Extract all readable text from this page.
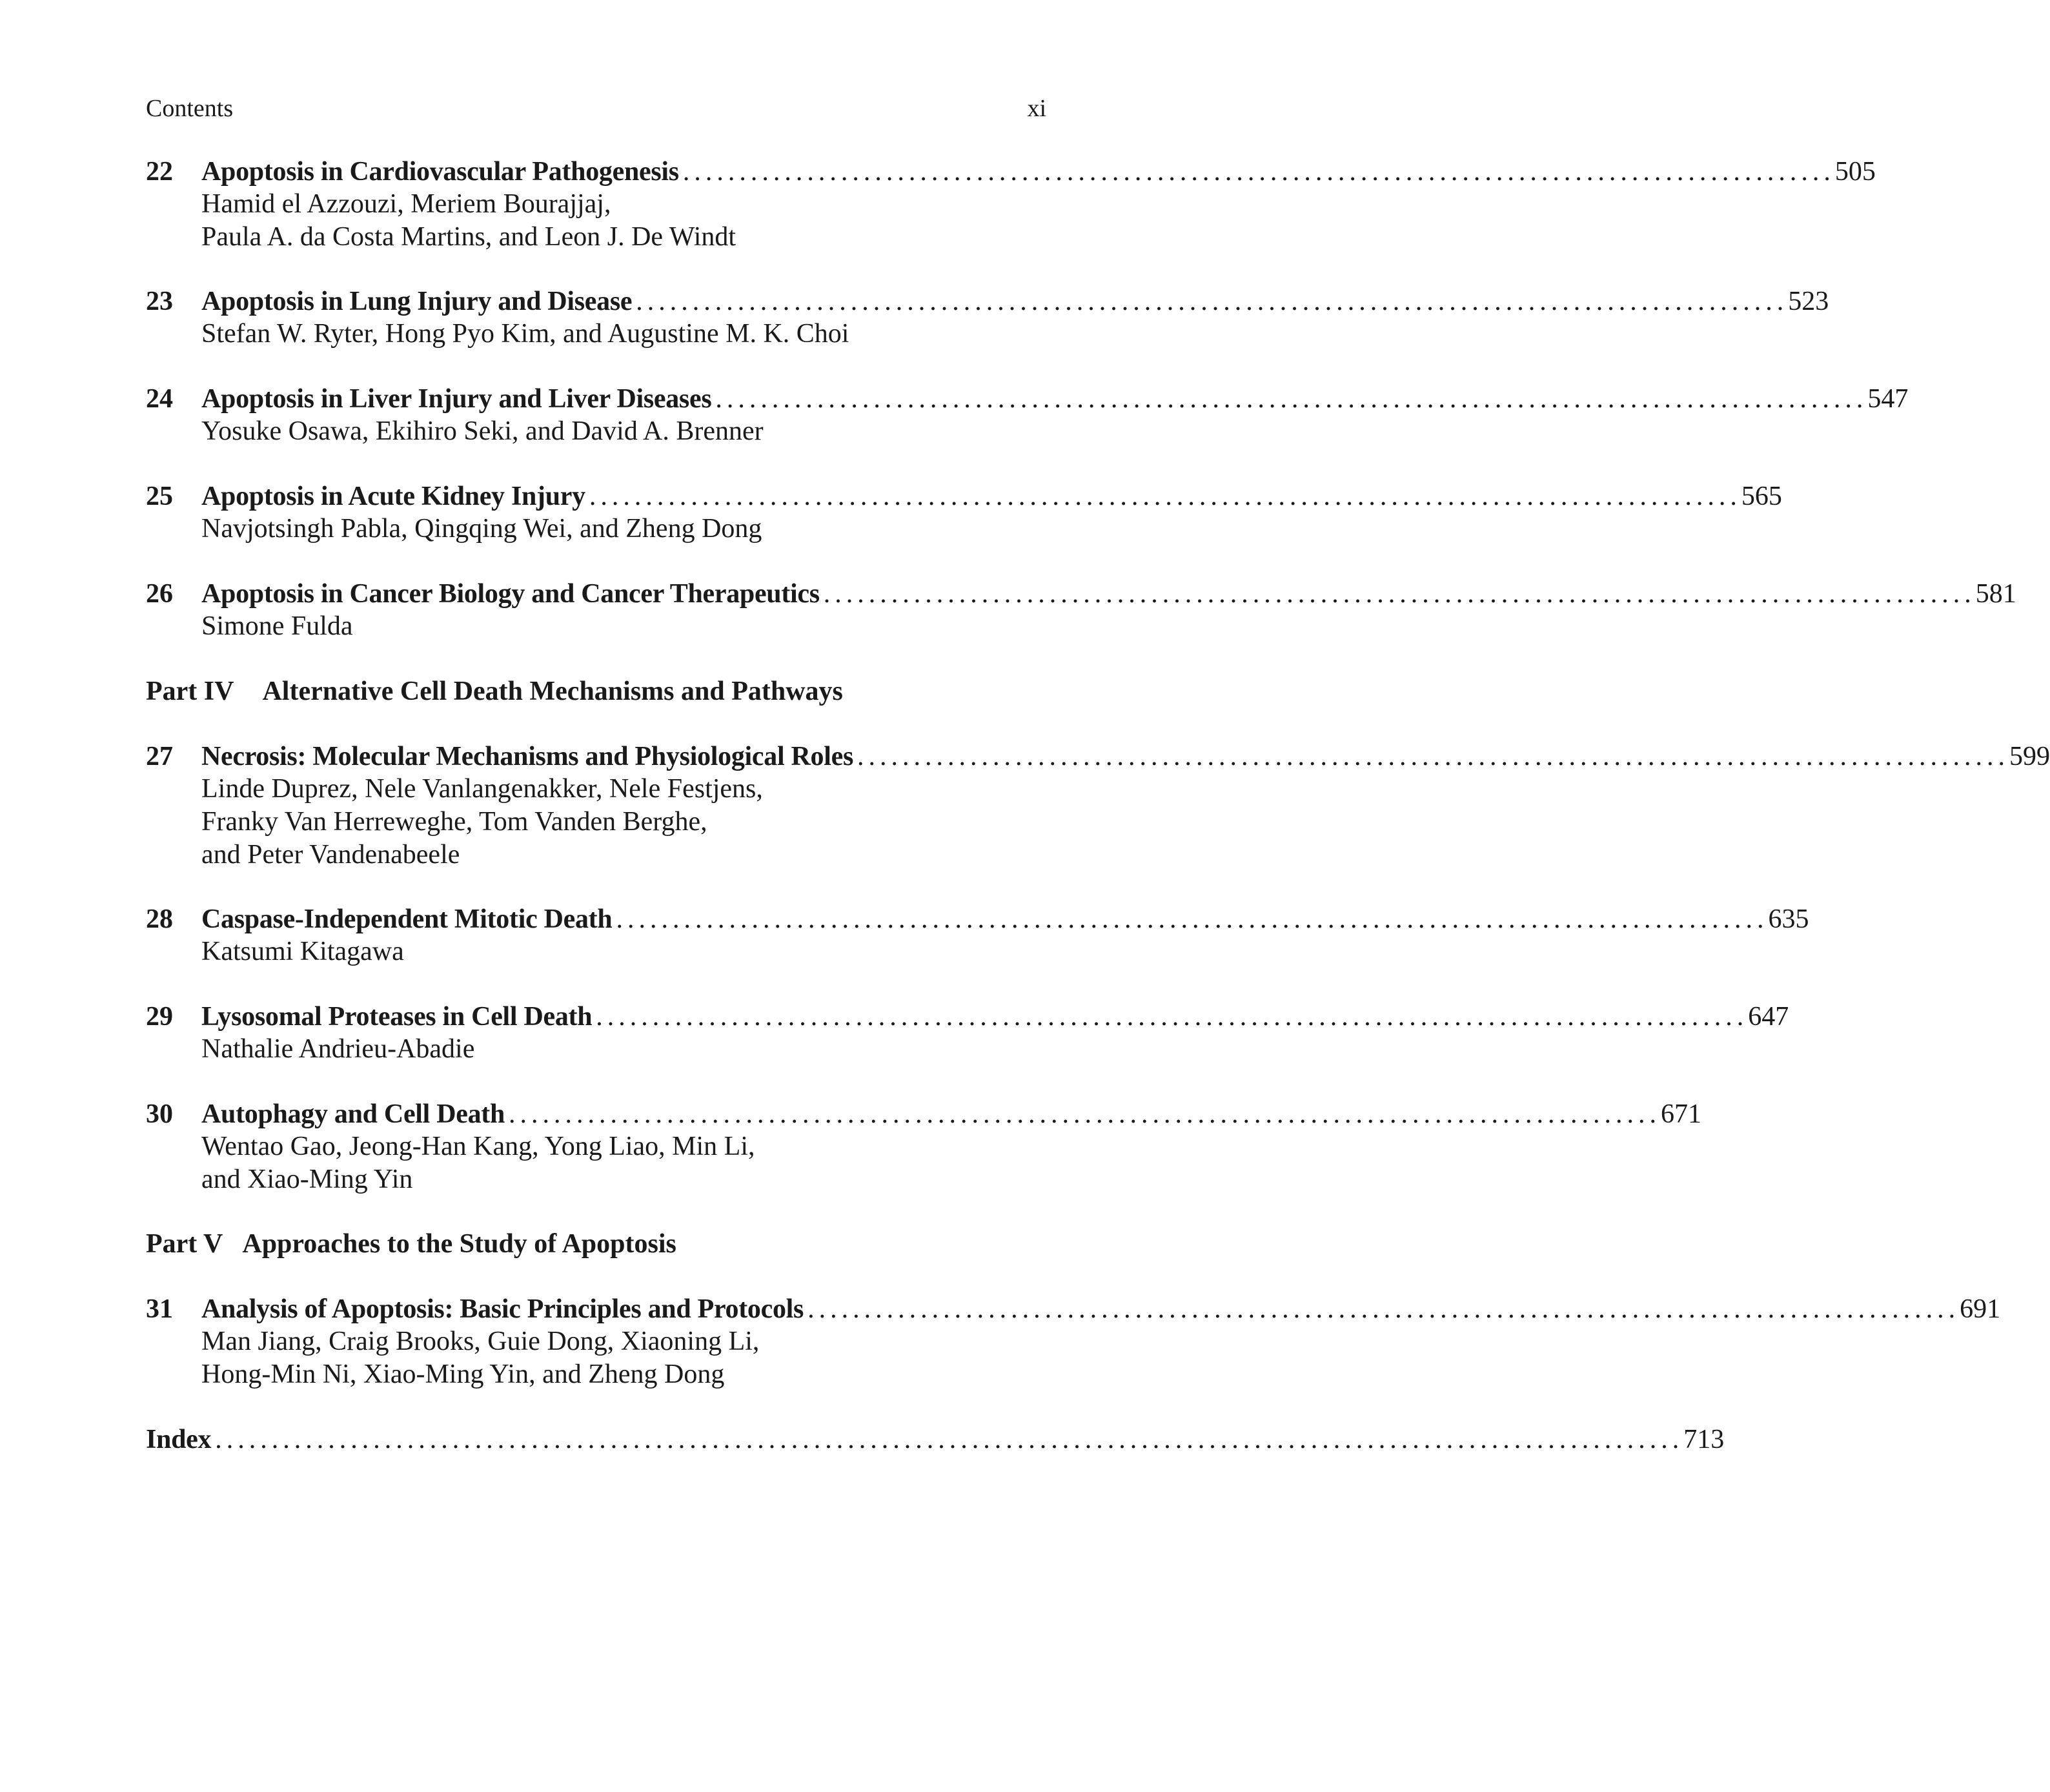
Contents	xi
22 Apoptosis in Cardiovascular Pathogenesis ...................................................................................................... 505
Hamid el Azzouzi, Meriem Bourajjaj,
Paula A. da Costa Martins, and Leon J. De Windt
23 Apoptosis in Lung Injury and Disease ...................................................................................................... 523
Stefan W. Ryter, Hong Pyo Kim, and Augustine M. K. Choi
24 Apoptosis in Liver Injury and Liver Diseases ...................................................................................................... 547
Yosuke Osawa, Ekihiro Seki, and David A. Brenner
25 Apoptosis in Acute Kidney Injury ...................................................................................................... 565
Navjotsingh Pabla, Qingqing Wei, and Zheng Dong
26 Apoptosis in Cancer Biology and Cancer Therapeutics ...................................................................................................... 581
Simone Fulda
Part IV Alternative Cell Death Mechanisms and Pathways
27 Necrosis: Molecular Mechanisms and Physiological Roles ...................................................................................................... 599
Linde Duprez, Nele Vanlangenakker, Nele Festjens,
Franky Van Herreweghe, Tom Vanden Berghe,
and Peter Vandenabeele
28 Caspase-Independent Mitotic Death ...................................................................................................... 635
Katsumi Kitagawa
29 Lysosomal Proteases in Cell Death ...................................................................................................... 647
Nathalie Andrieu-Abadie
30 Autophagy and Cell Death ...................................................................................................... 671
Wentao Gao, Jeong-Han Kang, Yong Liao, Min Li,
and Xiao-Ming Yin
Part V Approaches to the Study of Apoptosis
31 Analysis of Apoptosis: Basic Principles and Protocols ...................................................................................................... 691
Man Jiang, Craig Brooks, Guie Dong, Xiaoning Li,
Hong-Min Ni, Xiao-Ming Yin, and Zheng Dong
Index .................................................................................................................................. 713
